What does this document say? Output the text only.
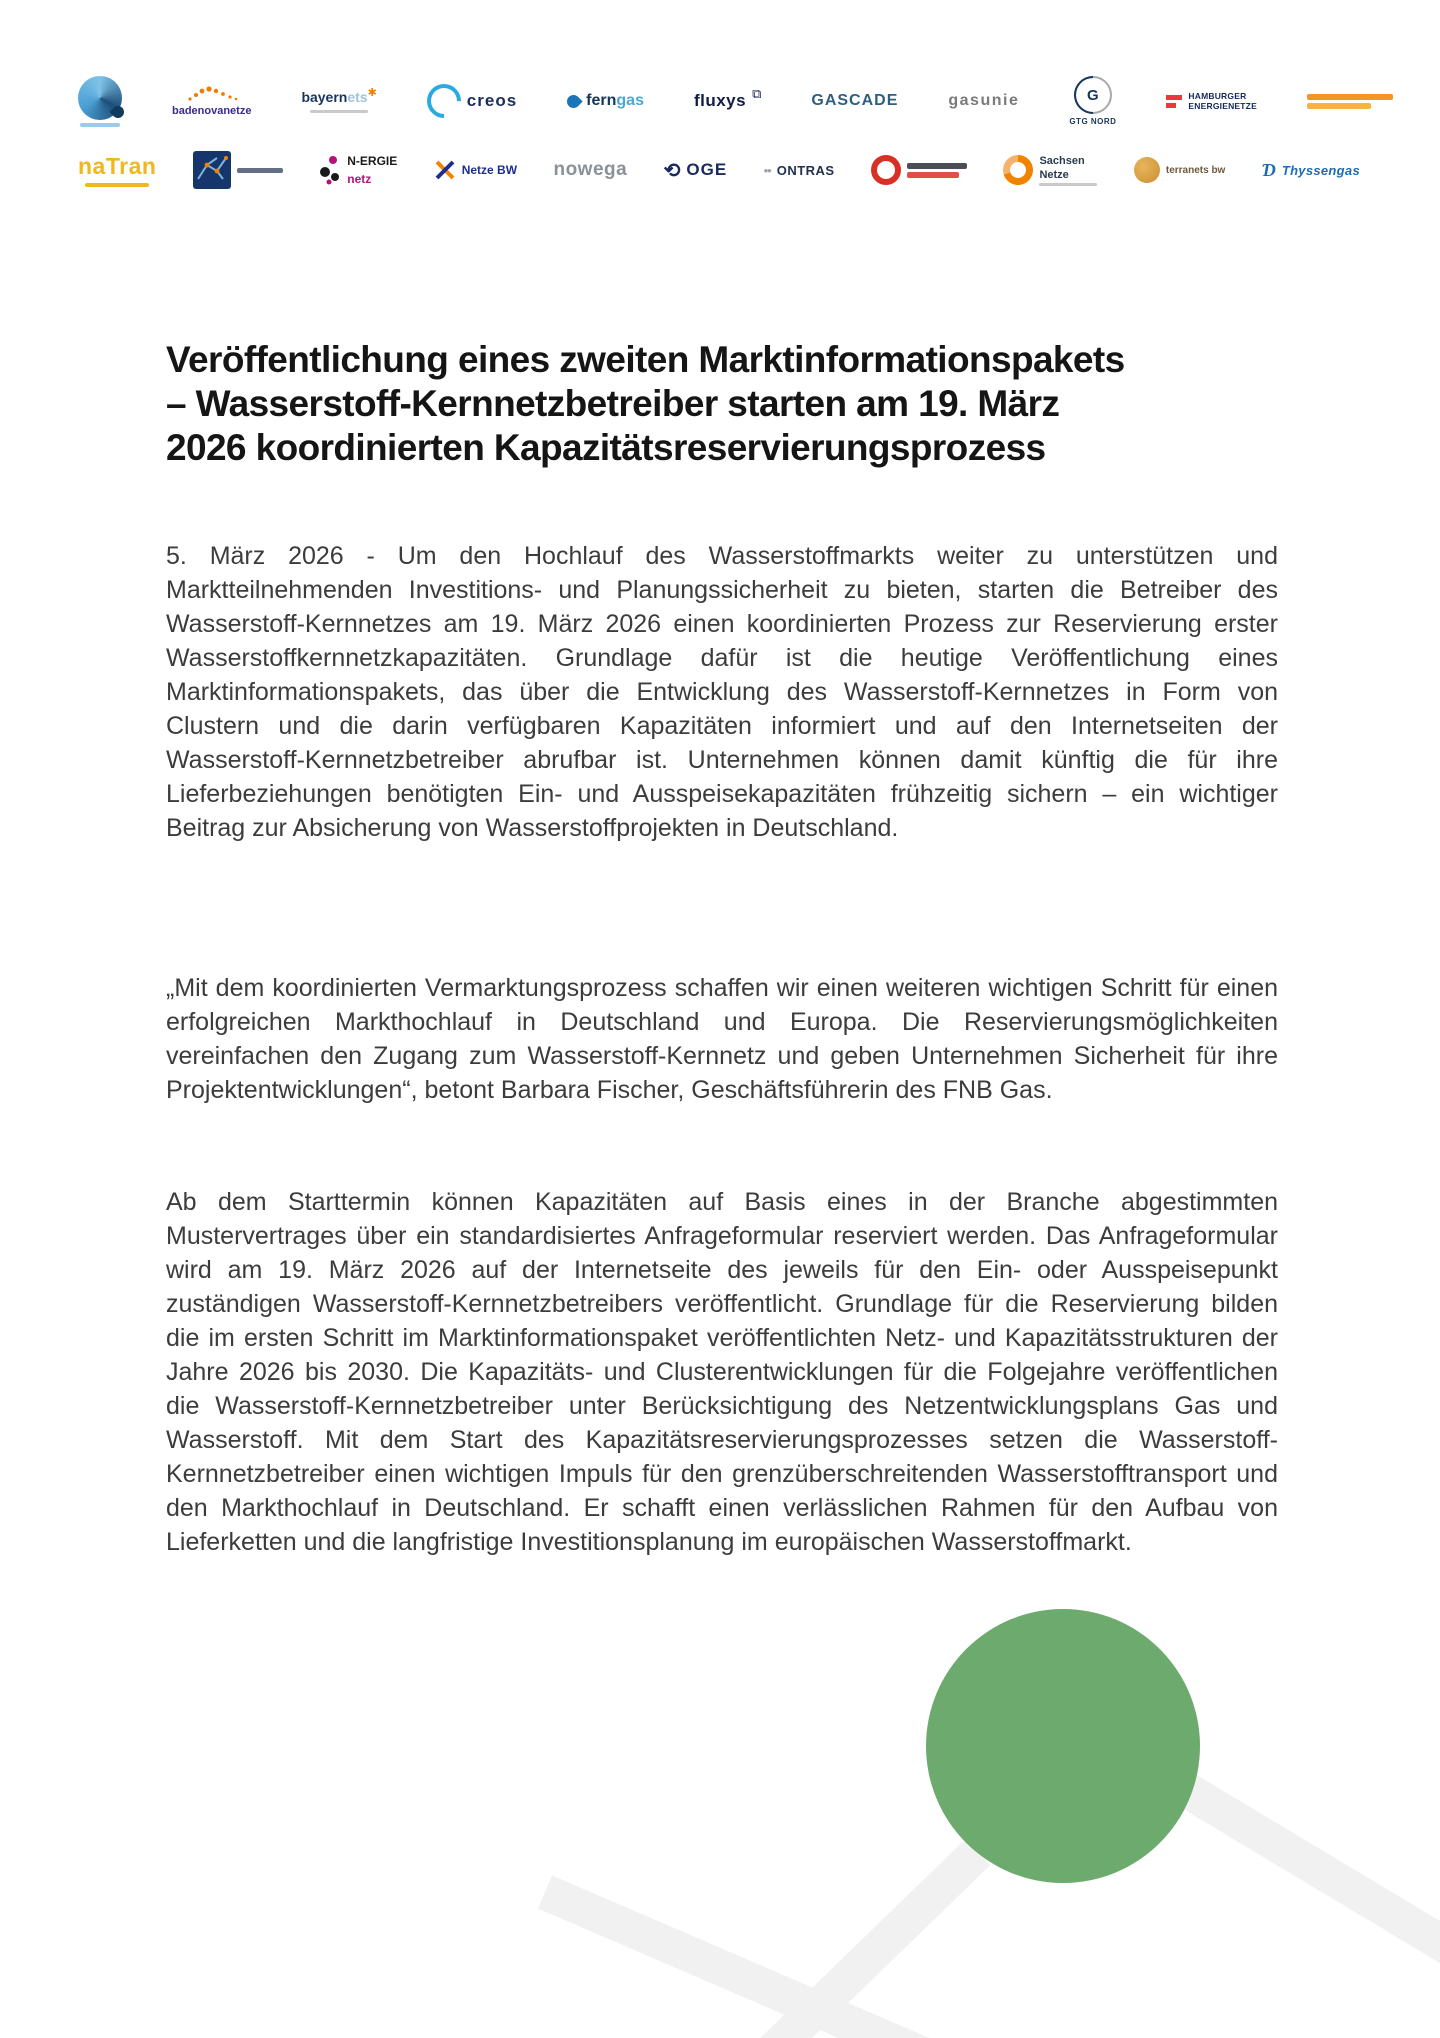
badenovanetze
bayernets✱	creos	ferngas	fluxys ⧉	GASCADE	gasunie	G
GTG NORD
HAMBURGER
ENERGIENETZE
naTran	N-ERGIE
netz
Netze BW nowega ⟲ OGE	•• ONTRAS
Sachsen
Netze	terranets bw Ɗ Thyssengas
Veröffentlichung eines zweiten Marktinformationspakets
– Wasserstoff-Kernnetzbetreiber starten am 19. März
2026 koordinierten Kapazitätsreservierungsprozess

5. März 2026 - Um den Hochlauf des Wasserstoffmarkts weiter zu unterstützen und Marktteilnehmenden Investitions- und Planungssicherheit zu bieten, starten die Betreiber des Wasserstoff-Kernnetzes am 19. März 2026 einen koordinierten Prozess zur Reservierung erster Wasserstoffkernnetzkapazitäten. Grundlage dafür ist die heutige Veröffentlichung eines Marktinformationspakets, das über die Entwicklung des Wasserstoff-Kernnetzes in Form von Clustern und die darin verfügbaren Kapazitäten informiert und auf den Internetseiten der Wasserstoff-Kernnetzbetreiber abrufbar ist. Unternehmen können damit künftig die für ihre Lieferbeziehungen benötigten Ein- und Ausspeisekapazitäten frühzeitig sichern – ein wichtiger Beitrag zur Absicherung von Wasserstoffprojekten in Deutschland.

„Mit dem koordinierten Vermarktungsprozess schaffen wir einen weiteren wichtigen Schritt für einen erfolgreichen Markthochlauf in Deutschland und Europa. Die Reservierungsmöglichkeiten vereinfachen den Zugang zum Wasserstoff-Kernnetz und geben Unternehmen Sicherheit für ihre Projektentwicklungen“, betont Barbara Fischer, Geschäftsführerin des FNB Gas.

Ab dem Starttermin können Kapazitäten auf Basis eines in der Branche abgestimmten Mustervertrages über ein standardisiertes Anfrageformular reserviert werden. Das Anfrageformular wird am 19. März 2026 auf der Internetseite des jeweils für den Ein- oder Ausspeisepunkt zuständigen Wasserstoff-Kernnetzbetreibers veröffentlicht. Grundlage für die Reservierung bilden die im ersten Schritt im Marktinformationspaket veröffentlichten Netz- und Kapazitätsstrukturen der Jahre 2026 bis 2030. Die Kapazitäts- und Clusterentwicklungen für die Folgejahre veröffentlichen die Wasserstoff-Kernnetzbetreiber unter Berücksichtigung des Netzentwicklungsplans Gas und Wasserstoff. Mit dem Start des Kapazitätsreservierungsprozesses setzen die Wasserstoff-Kernnetzbetreiber einen wichtigen Impuls für den grenzüberschreitenden Wasserstofftransport und den Markthochlauf in Deutschland. Er schafft einen verlässlichen Rahmen für den Aufbau von Lieferketten und die langfristige Investitionsplanung im europäischen Wasserstoffmarkt.
